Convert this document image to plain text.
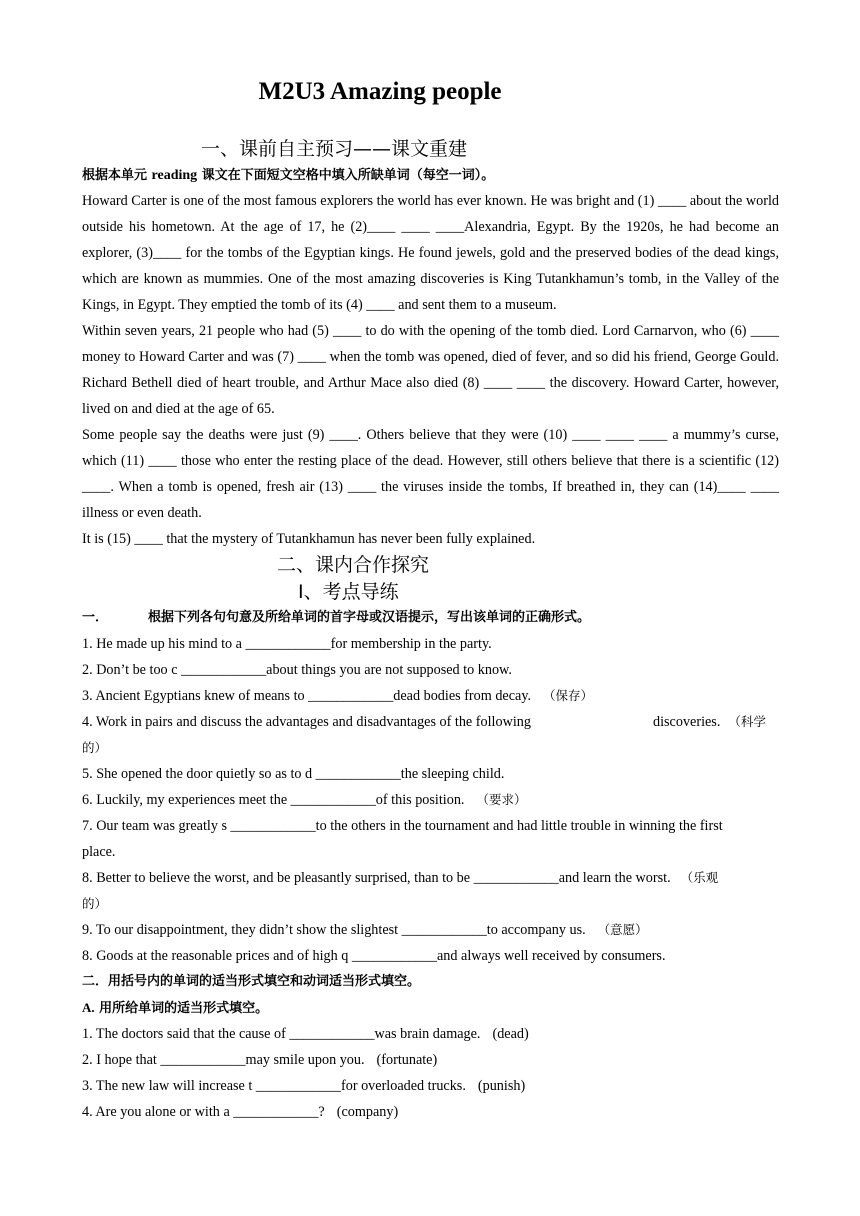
M2U3 Amazing people
一、课前自主预习——课文重建
根据本单元 reading 课文在下面短文空格中填入所缺单词（每空一词）。

Howard Carter is one of the most famous explorers the world has ever known. He was bright and (1) ____ about the world outside his hometown. At the age of 17, he (2)____ ____ ____Alexandria, Egypt. By the 1920s, he had become an explorer, (3)____ for the tombs of the Egyptian kings. He found jewels, gold and the preserved bodies of the dead kings, which are known as mummies. One of the most amazing discoveries is King Tutankhamun’s tomb, in the Valley of the Kings, in Egypt. They emptied the tomb of its (4) ____ and sent them to a museum.

Within seven years, 21 people who had (5) ____ to do with the opening of the tomb died. Lord Carnarvon, who (6) ____ money to Howard Carter and was (7) ____ when the tomb was opened, died of fever, and so did his friend, George Gould. Richard Bethell died of heart trouble, and Arthur Mace also died (8) ____ ____ the discovery. Howard Carter, however, lived on and died at the age of 65.

Some people say the deaths were just (9) ____. Others believe that they were (10) ____ ____ ____ a mummy’s curse, which (11) ____ those who enter the resting place of the dead. However, still others believe that there is a scientific (12) ____. When a tomb is opened, fresh air (13) ____ the viruses inside the tombs, If breathed in, they can (14)____ ____ illness or even death.

It is (15) ____ that the mystery of Tutankhamun has never been fully explained.

二、课内合作探究
I、考点导练
一．	根据下列各句句意及所给单词的首字母或汉语提示，写出该单词的正确形式。
1. He made up his mind to a ____________for membership in the party.
2. Don’t be too c ____________about things you are not supposed to know.
3. Ancient Egyptians knew of means to ____________dead bodies from decay. （保存）
4. Work in pairs and discuss the advantages and disadvantages of the following	discoveries. （科学
的）
5. She opened the door quietly so as to d ____________the sleeping child.
6. Luckily, my experiences meet the ____________of this position. （要求）
7. Our team was greatly s ____________to the others in the tournament and had little trouble in winning the first
place.
8. Better to believe the worst, and be pleasantly surprised, than to be ____________and learn the worst. （乐观
的）
9. To our disappointment, they didn’t show the slightest ____________to accompany us. （意愿）
8. Goods at the reasonable prices and of high q ____________and always well received by consumers.
二．用括号内的单词的适当形式填空和动词适当形式填空。
A. 用所给单词的适当形式填空。
1. The doctors said that the cause of ____________was brain damage. (dead)
2. I hope that ____________may smile upon you. (fortunate)
3. The new law will increase t ____________for overloaded trucks. (punish)
4. Are you alone or with a ____________? (company)
